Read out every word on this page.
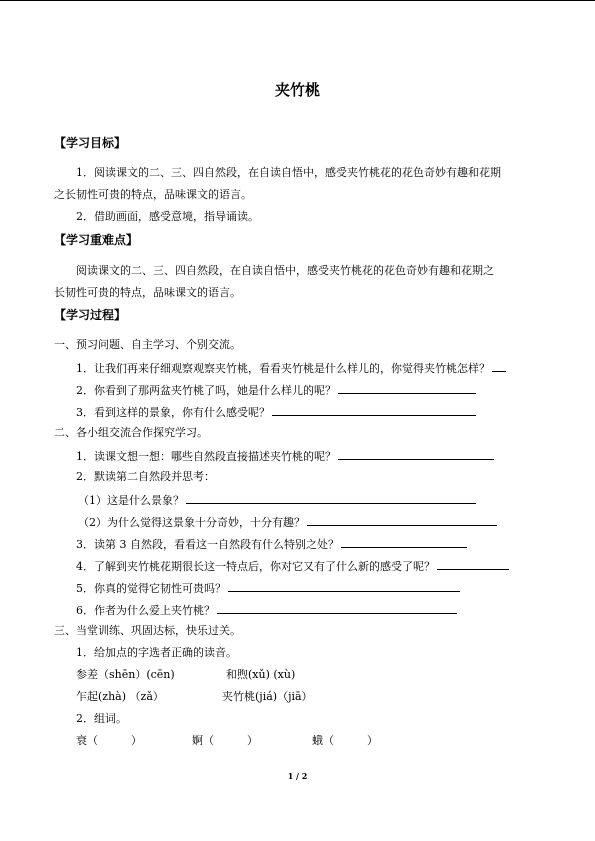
夹竹桃
【学习目标】
1．阅读课文的二、三、四自然段，在自读自悟中，感受夹竹桃花的花色奇妙有趣和花期
之长韧性可贵的特点，品味课文的语言。
2．借助画面，感受意境，指导诵读。
【学习重难点】
阅读课文的二、三、四自然段，在自读自悟中，感受夹竹桃花的花色奇妙有趣和花期之
长韧性可贵的特点，品味课文的语言。
【学习过程】
一、预习问题、自主学习、个别交流。
1．让我们再来仔细观察观察夹竹桃，看看夹竹桃是什么样儿的，你觉得夹竹桃怎样？
2．你看到了那两盆夹竹桃了吗，她是什么样儿的呢？
3．看到这样的景象，你有什么感受呢？
二、各小组交流合作探究学习。
1．读课文想一想：哪些自然段直接描述夹竹桃的呢？
2．默读第二自然段并思考：
（1）这是什么景象？
（2）为什么觉得这景象十分奇妙，十分有趣？
3．读第 3 自然段，看看这一自然段有什么特别之处？
4．了解到夹竹桃花期很长这一特点后，你对它又有了什么新的感受了呢？
5．你真的觉得它韧性可贵吗？
6．作者为什么爱上夹竹桃？
三、当堂训练、巩固达标，快乐过关。
1．给加点的字选者正确的读音。
参差（shēn）(cēn)	和煦(xǔ) (xù)
乍起(zhà) （zǎ）	夹竹桃(jiá)（jiā）
2．组词。
衰（　　　）	婀（　　　）	蛾（　　　）
1 / 2
